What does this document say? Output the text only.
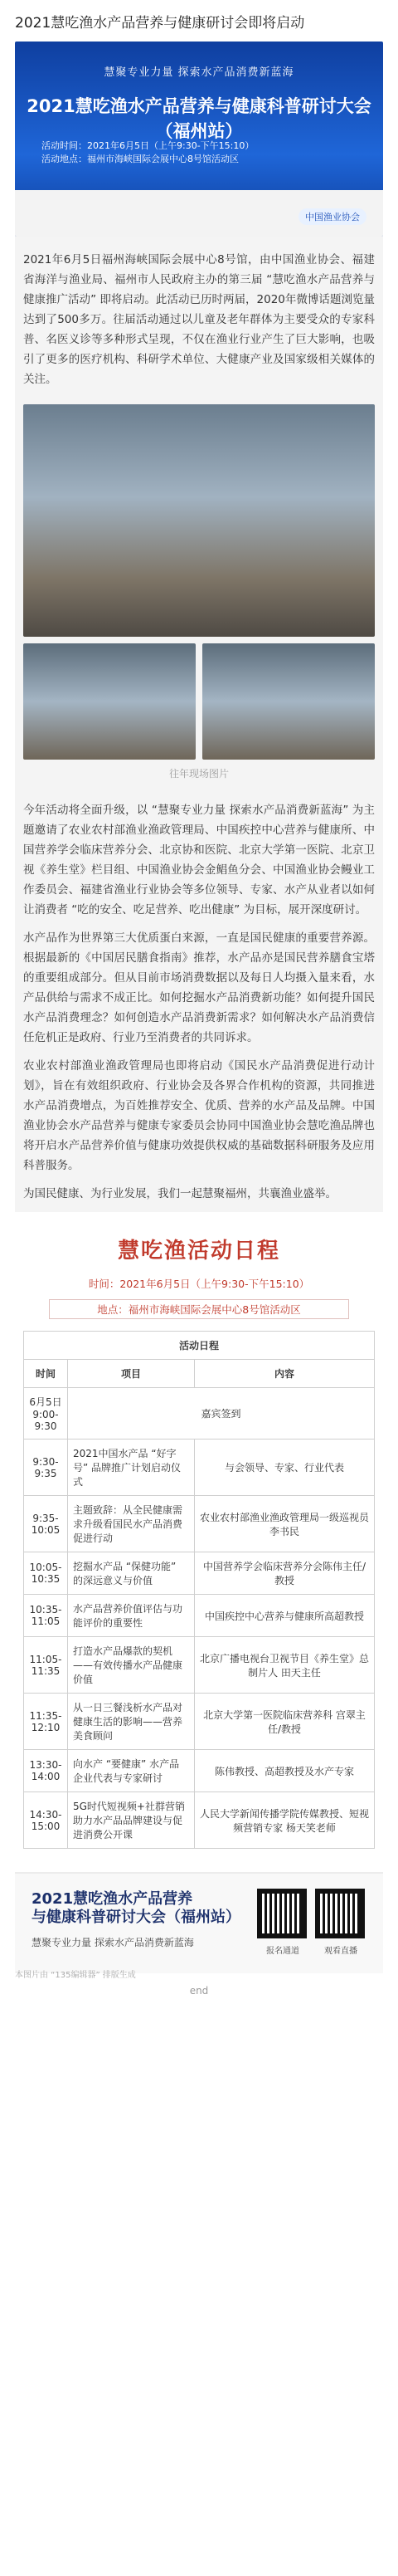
2021慧吃渔水产品营养与健康研讨会即将启动
慧聚专业力量 探索水产品消费新蓝海
2021慧吃渔水产品营养与健康科普研讨大会（福州站）
活动时间：2021年6月5日（上午9:30-下午15:10）
活动地点：福州市海峡国际会展中心8号馆活动区
中国渔业协会
2021年6月5日福州海峡国际会展中心8号馆，由中国渔业协会、福建省海洋与渔业局、福州市人民政府主办的第三届 “慧吃渔水产品营养与健康推广活动” 即将启动。此活动已历时两届，2020年微博话题浏览量达到了500多万。往届活动通过以儿童及老年群体为主要受众的专家科普、名医义诊等多种形式呈现，不仅在渔业行业产生了巨大影响，也吸引了更多的医疗机构、科研学术单位、大健康产业及国家级相关媒体的关注。
往年现场图片
今年活动将全面升级，以 “慧聚专业力量 探索水产品消费新蓝海” 为主题邀请了农业农村部渔业渔政管理局、中国疾控中心营养与健康所、中国营养学会临床营养分会、北京协和医院、北京大学第一医院、北京卫视《养生堂》栏目组、中国渔业协会金鲳鱼分会、中国渔业协会鳗业工作委员会、福建省渔业行业协会等多位领导、专家、水产从业者以如何让消费者 “吃的安全、吃足营养、吃出健康” 为目标，展开深度研讨。
水产品作为世界第三大优质蛋白来源，一直是国民健康的重要营养源。根据最新的《中国居民膳食指南》推荐，水产品亦是国民营养膳食宝塔的重要组成部分。但从目前市场消费数据以及每日人均摄入量来看，水产品供给与需求不成正比。如何挖掘水产品消费新功能？如何提升国民水产品消费理念？如何创造水产品消费新需求？如何解决水产品消费信任危机正是政府、行业乃至消费者的共同诉求。
农业农村部渔业渔政管理局也即将启动《国民水产品消费促进行动计划》，旨在有效组织政府、行业协会及各界合作机构的资源，共同推进水产品消费增点，为百姓推荐安全、优质、营养的水产品及品牌。中国渔业协会水产品营养与健康专家委员会协同中国渔业协会慧吃渔品牌也将开启水产品营养价值与健康功效提供权威的基础数据科研服务及应用科普服务。
为国民健康、为行业发展，我们一起慧聚福州，共襄渔业盛举。
慧吃渔活动日程
时间：2021年6月5日（上午9:30-下午15:10）
地点：福州市海峡国际会展中心8号馆活动区
活动日程		
时间	项目	内容
6月5日9:00-9:30	嘉宾签到	
9:30-9:35	2021中国水产品 “好字号” 品牌推广计划启动仪式	与会领导、专家、行业代表
9:35-10:05	主题致辞：从全民健康需求升级看国民水产品消费促进行动	农业农村部渔业渔政管理局一级巡视员李书民
10:05-10:35	挖掘水产品 “保健功能” 的深远意义与价值	中国营养学会临床营养分会陈伟主任/教授
10:35-11:05	水产品营养价值评估与功能评价的重要性	中国疾控中心营养与健康所高超教授
11:05-11:35	打造水产品爆款的契机——有效传播水产品健康价值	北京广播电视台卫视节目《养生堂》总制片人 田天主任
11:35-12:10	从一日三餐浅析水产品对健康生活的影响——营养美食顾问	北京大学第一医院临床营养科 宫翠主任/教授
13:30-14:00	向水产 “要健康” 水产品企业代表与专家研讨	陈伟教授、高超教授及水产专家
14:30-15:00	5G时代短视频+社群营销助力水产品品牌建设与促进消费公开课	人民大学新闻传播学院传媒教授、短视频营销专家 杨天笑老师
2021慧吃渔水产品营养
与健康科普研讨大会（福州站）
慧聚专业力量 探索水产品消费新蓝海
报名通道	观看直播
end
本图片由 “135编辑器” 排版生成
